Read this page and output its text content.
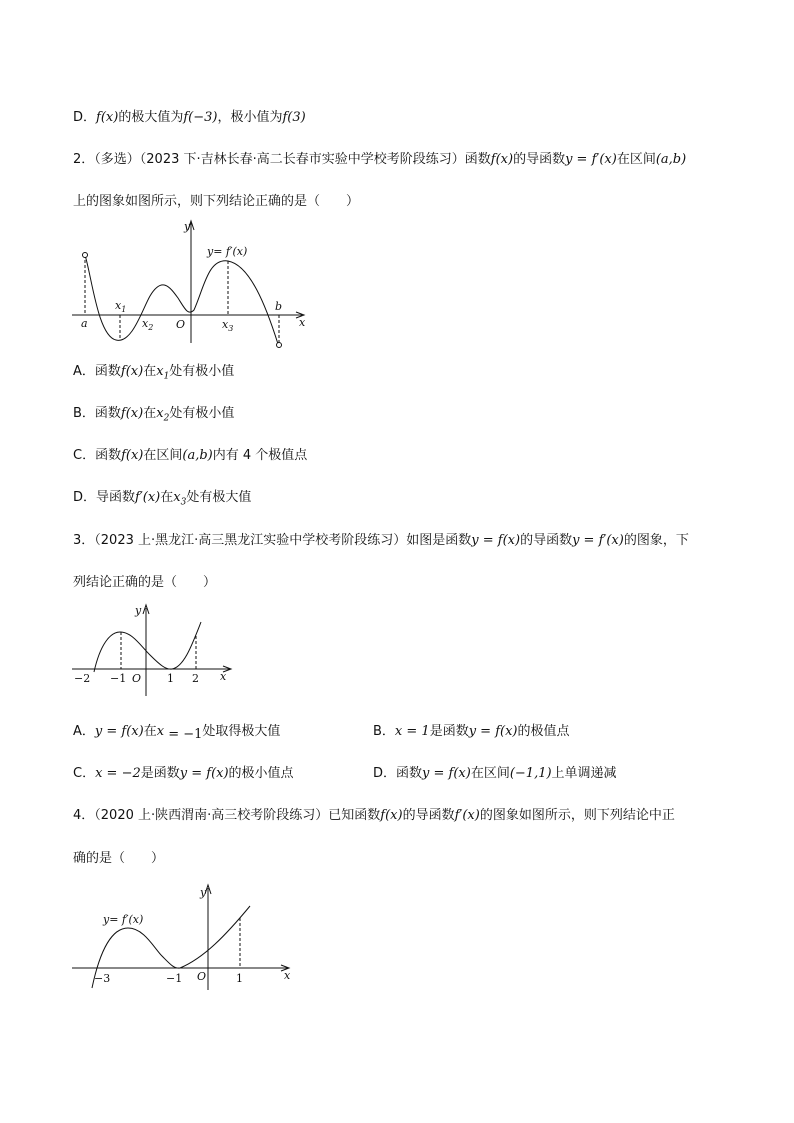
D．f(x)的极大值为f(−3)，极小值为f(3)
2．（多选）（2023 下·吉林长春·高二长春市实验中学校考阶段练习）函数f(x)的导函数y = f′(x)在区间(a,b)
上的图象如图所示，则下列结论正确的是（　　）
y
x
O
a
b
$x_1$
$x_2$	$x_3$
y= f′(x)
A．函数f(x)在$x_1$处有极小值
B．函数f(x)在$x_2$处有极小值
C．函数f(x)在区间(a,b)内有 4 个极值点
D．导函数f′(x)在$x_3$处有极大值
3．（2023 上·黑龙江·高三黑龙江实验中学校考阶段练习）如图是函数y = f(x)的导函数y = f′(x)的图象，下
列结论正确的是（　　）
y
x
O
−2 −1	1 2
A．y = f(x)在x = −1处取得极大值	B．x = 1是函数y = f(x)的极值点
C．x = −2是函数y = f(x)的极小值点	D．函数y = f(x)在区间(−1,1)上单调递减
4．（2020 上·陕西渭南·高三校考阶段练习）已知函数f(x)的导函数f′(x)的图象如图所示，则下列结论中正
确的是（　　）
y
x
O
y= f′(x)
−3	−1	1
